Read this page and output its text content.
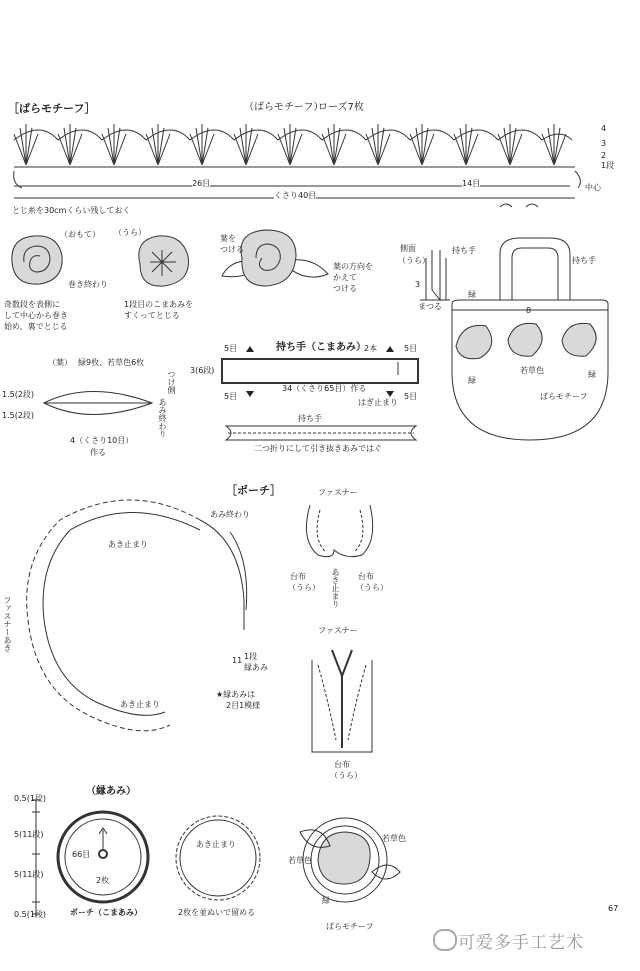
［ばらモチーフ］	（ばらモチーフ）
ローズ7枚
4
3
2
1段
中心
26目	14目
くさり40目
とじ糸を30cmくらい残しておく
（おもて） （うら）
巻き終わり
奇数段を表側に
して中心から巻き
始め、裏でとじる
1段目のこまあみを
すくってとじる
葉を
つける
葉の方向を
かえて
つける
側面
（うら）
持ち手
3
まつる
持ち手
緑
8
若草色
緑
緑
ばらモチーフ
（葉） 緑9枚、若草色6枚
1.5(2段)
1.5(2段)
つけ側
あみ終わり
4（くさり10目）
作る
持ち手（こまあみ）
2本
5目	5目
5目	5目
3(6段)
34（くさり65目）作る
はぎ止まり
持ち手
二つ折りにして引き抜きあみではぐ
［ポーチ］
あみ終わり
あき止まり
ファスナーあき
あき止まり
11 1段
縁あみ
★縁あみは
2目1模様
ファスナー
台布
（うら）
台布
（うら）
あき止まり
ファスナー
台布
（うら）
（縁あみ）
0.5(1段)
5(11段)
5(11段)
0.5(1段)
66目
2枚
ポーチ（こまあみ）
あき止まり
2枚を並ぬいで留める
若草色
若草色
緑
ばらモチーフ
67
可爱多手工艺术
